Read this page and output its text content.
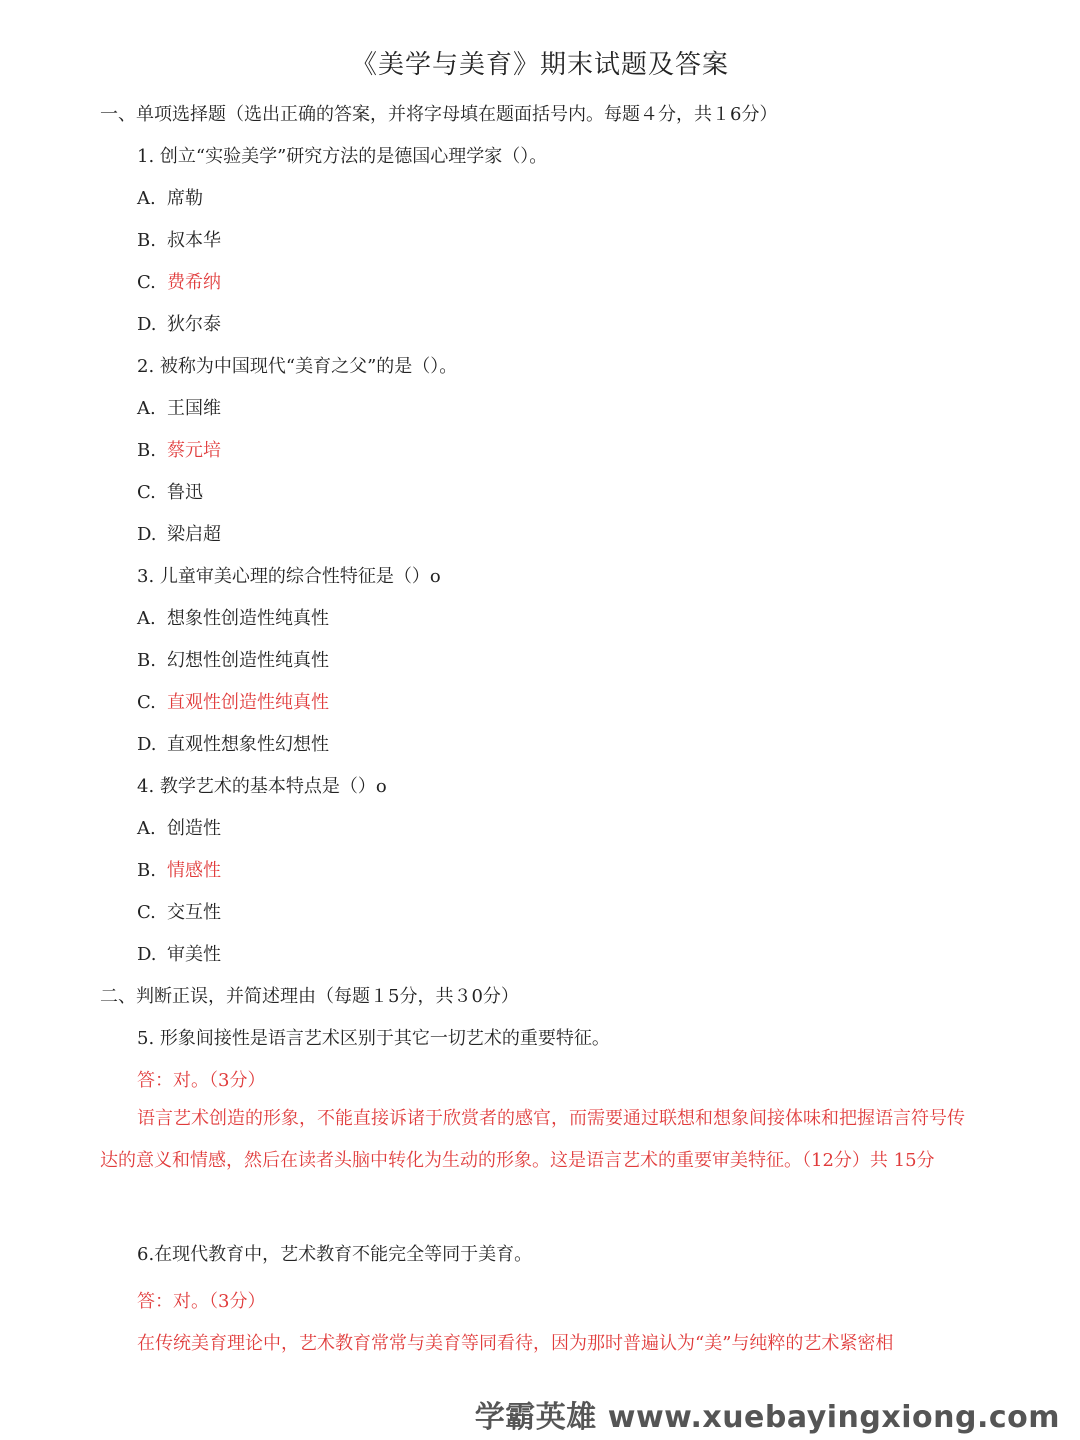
《美学与美育》期末试题及答案
一、单项选择题（选出正确的答案，并将字母填在题面括号内。每题４分，共１6分）
1. 创立“实验美学”研究方法的是德国心理学家（）。
A. 席勒
B. 叔本华
C. 费希纳
D. 狄尔泰
2. 被称为中国现代“美育之父”的是（）。
A. 王国维
B. 蔡元培
C. 鲁迅
D. 梁启超
3. 儿童审美心理的综合性特征是（）o
A. 想象性创造性纯真性
B. 幻想性创造性纯真性
C. 直观性创造性纯真性
D. 直观性想象性幻想性
4. 教学艺术的基本特点是（）o
A. 创造性
B. 情感性
C. 交互性
D. 审美性
二、判断正误，并简述理由（每题１5分，共３0分）
5. 形象间接性是语言艺术区别于其它一切艺术的重要特征。
答：对。（3分）
语言艺术创造的形象，不能直接诉诸于欣赏者的感官，而需要通过联想和想象间接体味和把握语言符号传达的意义和情感，然后在读者头脑中转化为生动的形象。这是语言艺术的重要审美特征。（12分）共 15分
6.在现代教育中，艺术教育不能完全等同于美育。
答：对。（3分）
在传统美育理论中，艺术教育常常与美育等同看待，因为那时普遍认为“美”与纯粹的艺术紧密相
学霸英雄 www.xuebayingxiong.com
